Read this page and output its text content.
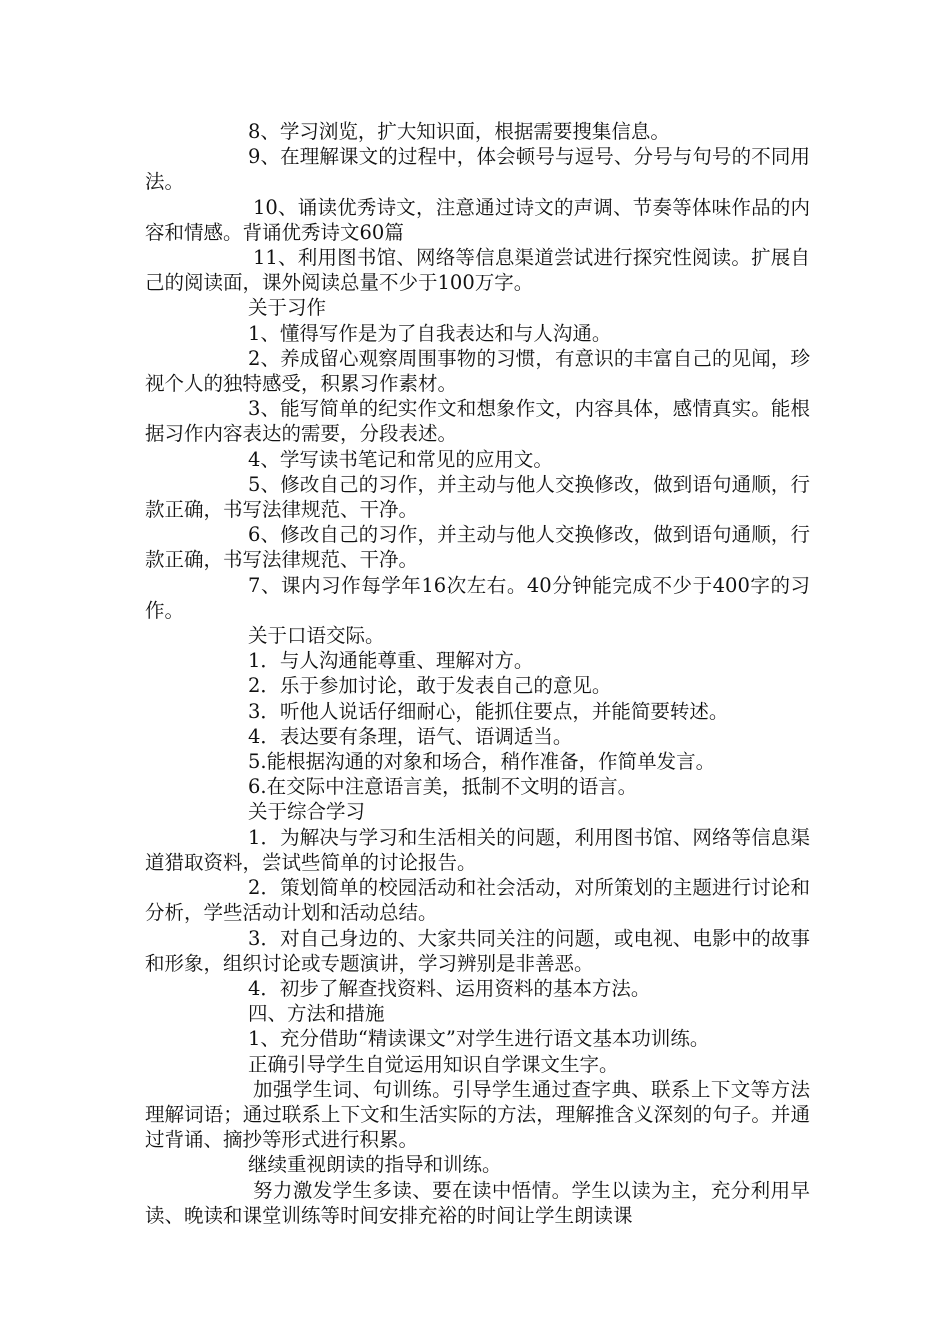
8、学习浏览，扩大知识面，根据需要搜集信息。

9、在理解课文的过程中，体会顿号与逗号、分号与句号的不同用法。

10、诵读优秀诗文，注意通过诗文的声调、节奏等体味作品的内容和情感。背诵优秀诗文60篇

11、利用图书馆、网络等信息渠道尝试进行探究性阅读。扩展自己的阅读面，课外阅读总量不少于100万字。

关于习作

1、懂得写作是为了自我表达和与人沟通。

2、养成留心观察周围事物的习惯，有意识的丰富自己的见闻，珍视个人的独特感受，积累习作素材。

3、能写简单的纪实作文和想象作文，内容具体，感情真实。能根据习作内容表达的需要，分段表述。

4、学写读书笔记和常见的应用文。

5、修改自己的习作，并主动与他人交换修改，做到语句通顺，行款正确，书写法律规范、干净。

6、修改自己的习作，并主动与他人交换修改，做到语句通顺，行款正确，书写法律规范、干净。

7、课内习作每学年16次左右。40分钟能完成不少于400字的习作。

关于口语交际。

1．与人沟通能尊重、理解对方。

2．乐于参加讨论，敢于发表自己的意见。

3．听他人说话仔细耐心，能抓住要点，并能简要转述。

4．表达要有条理，语气、语调适当。

5.能根据沟通的对象和场合，稍作准备，作简单发言。

6.在交际中注意语言美，抵制不文明的语言。

关于综合学习

1．为解决与学习和生活相关的问题，利用图书馆、网络等信息渠道猎取资料，尝试些简单的讨论报告。

2．策划简单的校园活动和社会活动，对所策划的主题进行讨论和分析，学些活动计划和活动总结。

3．对自己身边的、大家共同关注的问题，或电视、电影中的故事和形象，组织讨论或专题演讲，学习辨别是非善恶。

4．初步了解查找资料、运用资料的基本方法。

四、方法和措施

1、充分借助“精读课文”对学生进行语文基本功训练。

正确引导学生自觉运用知识自学课文生字。

加强学生词、句训练。引导学生通过查字典、联系上下文等方法理解词语；通过联系上下文和生活实际的方法，理解推含义深刻的句子。并通过背诵、摘抄等形式进行积累。

继续重视朗读的指导和训练。

努力激发学生多读、要在读中悟情。学生以读为主，充分利用早读、晚读和课堂训练等时间安排充裕的时间让学生朗读课
